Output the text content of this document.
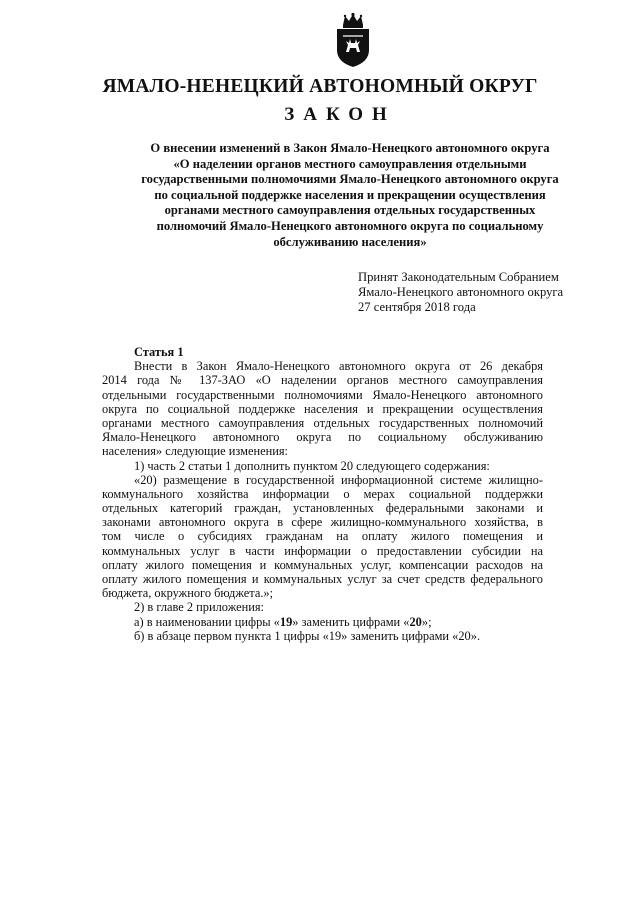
ЯМАЛО-НЕНЕЦКИЙ АВТОНОМНЫЙ ОКРУГ
ЗАКОН
О внесении изменений в Закон Ямало-Ненецкого автономного округа
«О наделении органов местного самоуправления отдельными
государственными полномочиями Ямало-Ненецкого автономного округа
по социальной поддержке населения и прекращении осуществления
органами местного самоуправления отдельных государственных
полномочий Ямало-Ненецкого автономного округа по социальному
обслуживанию населения»
Принят Законодательным Собранием
Ямало-Ненецкого автономного округа
27 сентября 2018 года
Статья 1
Внести в Закон Ямало-Ненецкого автономного округа от 26 декабря
2014 года № 137-ЗАО «О наделении органов местного самоуправления
отдельными государственными полномочиями Ямало-Ненецкого автономного
округа по социальной поддержке населения и прекращении осуществления
органами местного самоуправления отдельных государственных полномочий
Ямало-Ненецкого автономного округа по социальному обслуживанию
населения» следующие изменения:
1) часть 2 статьи 1 дополнить пунктом 20 следующего содержания:
«20) размещение в государственной информационной системе жилищно-
коммунального хозяйства информации о мерах социальной поддержки
отдельных категорий граждан, установленных федеральными законами и
законами автономного округа в сфере жилищно-коммунального хозяйства, в
том числе о субсидиях гражданам на оплату жилого помещения и
коммунальных услуг в части информации о предоставлении субсидии на
оплату жилого помещения и коммунальных услуг, компенсации расходов на
оплату жилого помещения и коммунальных услуг за счет средств федерального
бюджета, окружного бюджета.»;
2) в главе 2 приложения:
а) в наименовании цифры «19» заменить цифрами «20»;
б) в абзаце первом пункта 1 цифры «19» заменить цифрами «20».
